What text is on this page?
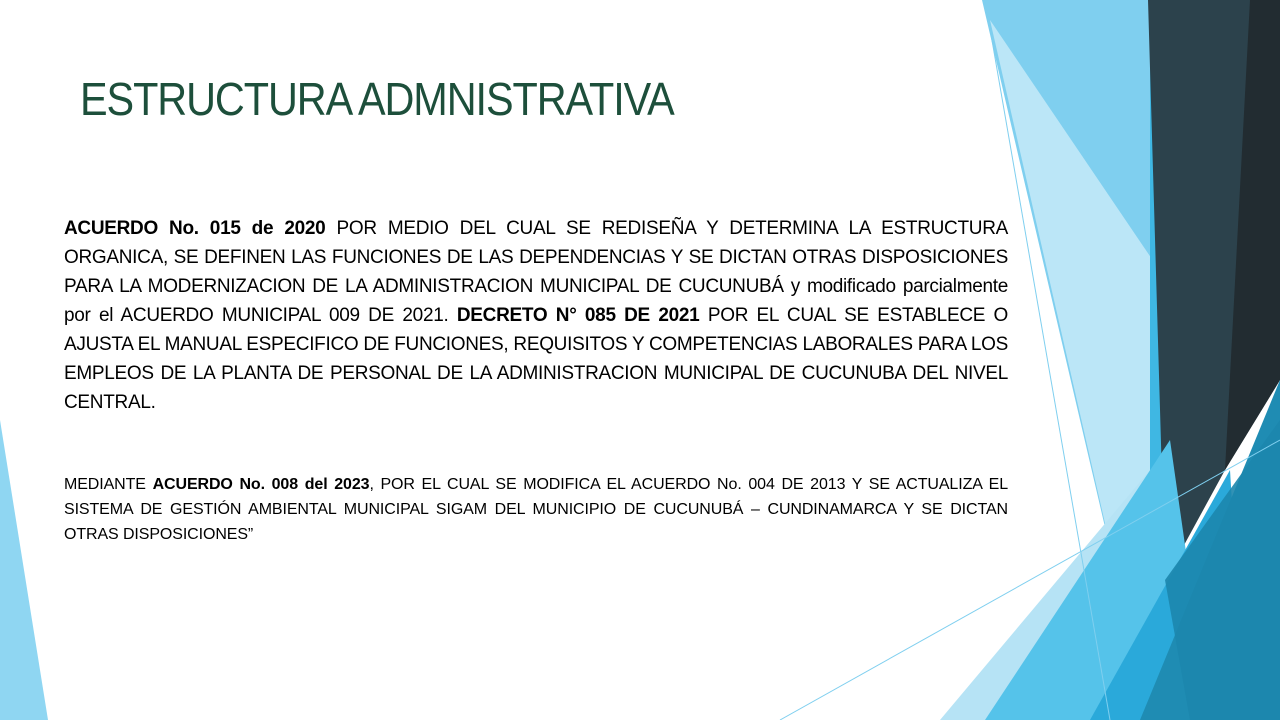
ESTRUCTURA ADMNISTRATIVA

ACUERDO No. 015 de 2020 POR MEDIO DEL CUAL SE REDISEÑA Y DETERMINA LA ESTRUCTURA ORGANICA, SE DEFINEN LAS FUNCIONES DE LAS DEPENDENCIAS Y SE DICTAN OTRAS DISPOSICIONES PARA LA MODERNIZACION DE LA ADMINISTRACION MUNICIPAL DE CUCUNUBÁ y modificado parcialmente por el ACUERDO MUNICIPAL 009 DE 2021. DECRETO N° 085 DE 2021 POR EL CUAL SE ESTABLECE O AJUSTA EL MANUAL ESPECIFICO DE FUNCIONES, REQUISITOS Y COMPETENCIAS LABORALES PARA LOS EMPLEOS DE LA PLANTA DE PERSONAL DE LA ADMINISTRACION MUNICIPAL DE CUCUNUBA DEL NIVEL CENTRAL.

MEDIANTE ACUERDO No. 008 del 2023, POR EL CUAL SE MODIFICA EL ACUERDO No. 004 DE 2013 Y SE ACTUALIZA EL SISTEMA DE GESTIÓN AMBIENTAL MUNICIPAL SIGAM DEL MUNICIPIO DE CUCUNUBÁ – CUNDINAMARCA Y SE DICTAN OTRAS DISPOSICIONES”
